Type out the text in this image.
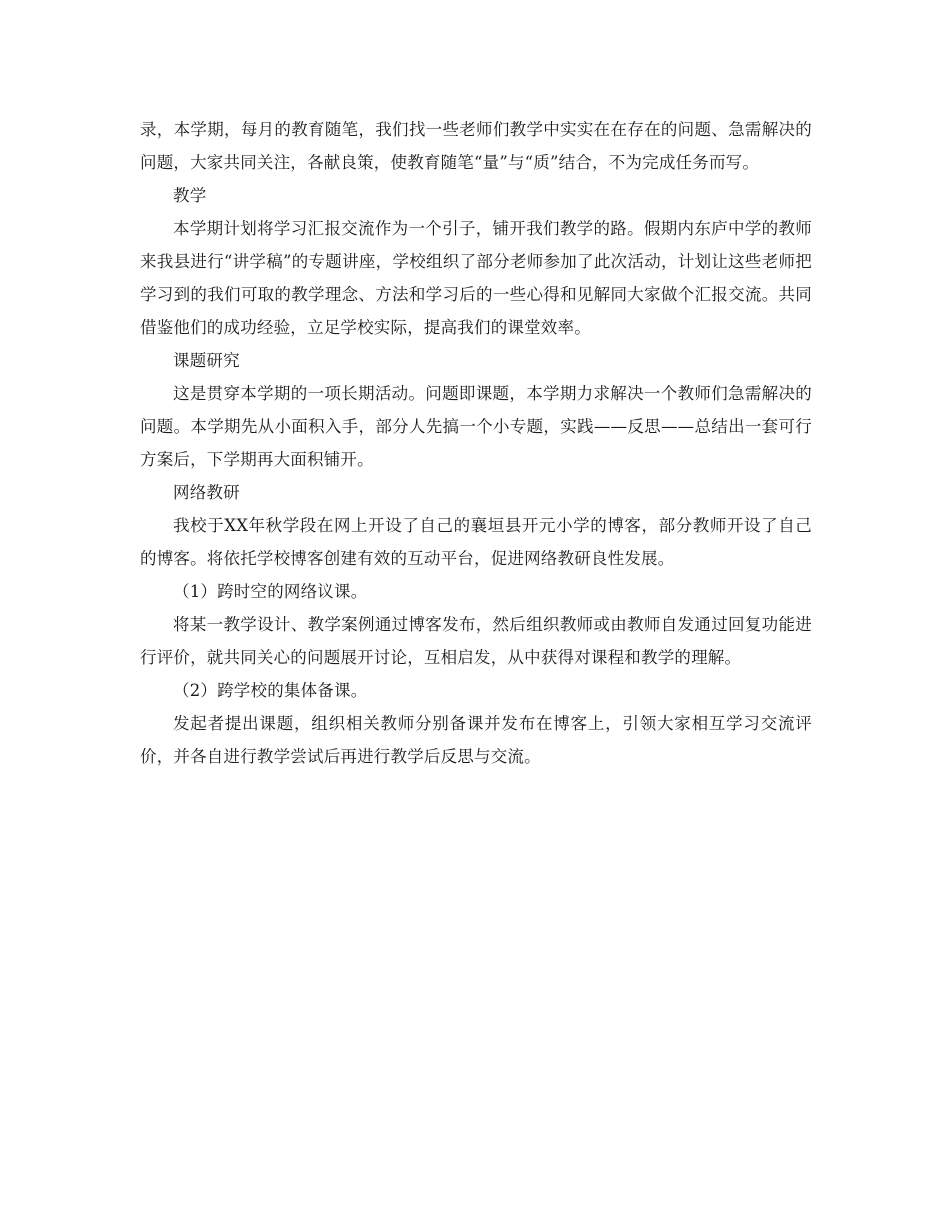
录，本学期，每月的教育随笔，我们找一些老师们教学中实实在在存在的问题、急需解决的问题，大家共同关注，各献良策，使教育随笔“量”与“质”结合，不为完成任务而写。

教学

本学期计划将学习汇报交流作为一个引子，铺开我们教学的路。假期内东庐中学的教师来我县进行“讲学稿”的专题讲座，学校组织了部分老师参加了此次活动，计划让这些老师把学习到的我们可取的教学理念、方法和学习后的一些心得和见解同大家做个汇报交流。共同借鉴他们的成功经验，立足学校实际，提高我们的课堂效率。

课题研究

这是贯穿本学期的一项长期活动。问题即课题，本学期力求解决一个教师们急需解决的问题。本学期先从小面积入手，部分人先搞一个小专题，实践——反思——总结出一套可行方案后，下学期再大面积铺开。

网络教研

我校于XX年秋学段在网上开设了自己的襄垣县开元小学的博客，部分教师开设了自己的博客。将依托学校博客创建有效的互动平台，促进网络教研良性发展。

（1）跨时空的网络议课。

将某一教学设计、教学案例通过博客发布，然后组织教师或由教师自发通过回复功能进行评价，就共同关心的问题展开讨论，互相启发，从中获得对课程和教学的理解。

（2）跨学校的集体备课。

发起者提出课题，组织相关教师分别备课并发布在博客上，引领大家相互学习交流评价，并各自进行教学尝试后再进行教学后反思与交流。
